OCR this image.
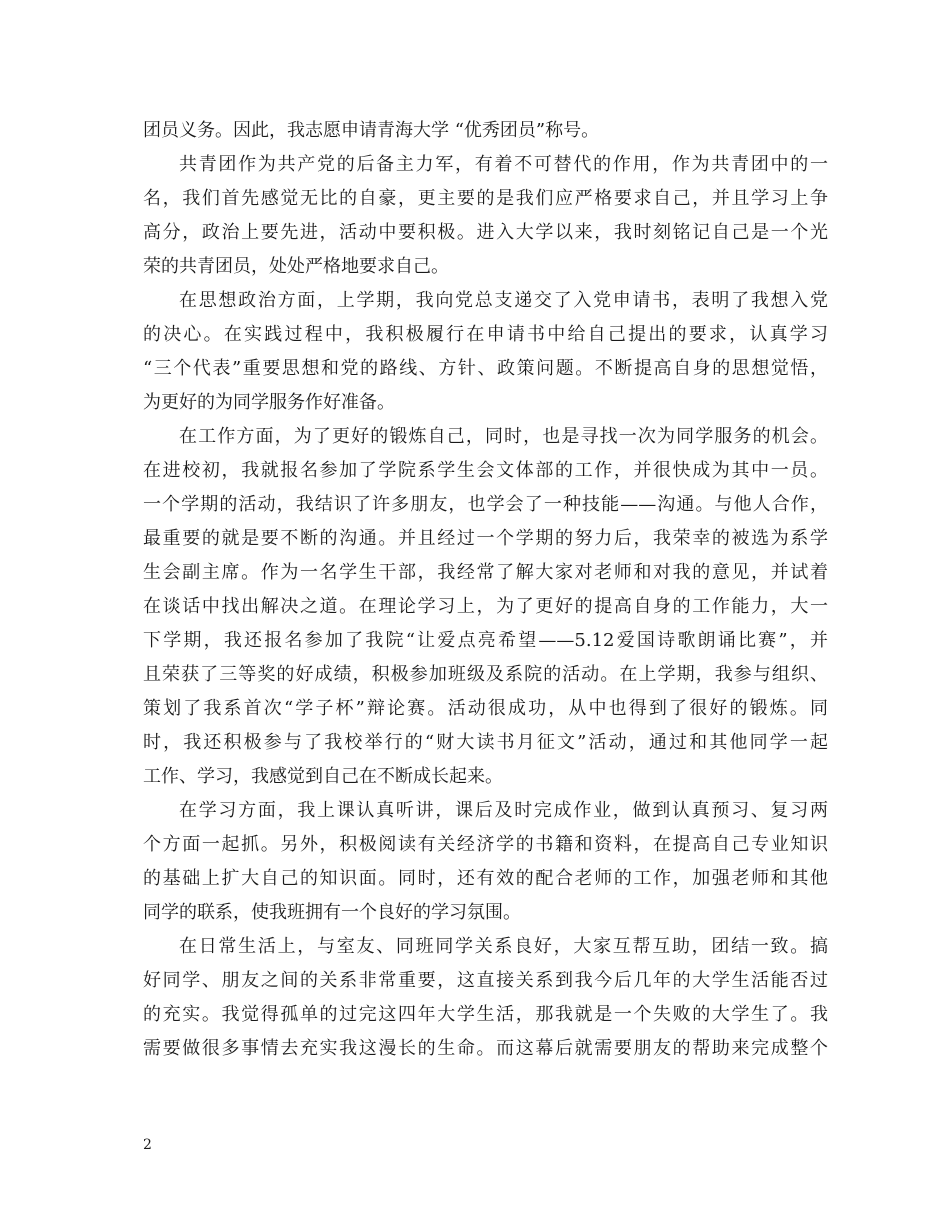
团员义务。因此，我志愿申请青海大学 “优秀团员”称号。
共青团作为共产党的后备主力军，有着不可替代的作用，作为共青团中的一
名，我们首先感觉无比的自豪，更主要的是我们应严格要求自己，并且学习上争
高分，政治上要先进，活动中要积极。进入大学以来，我时刻铭记自己是一个光
荣的共青团员，处处严格地要求自己。
在思想政治方面，上学期，我向党总支递交了入党申请书，表明了我想入党
的决心。在实践过程中，我积极履行在申请书中给自己提出的要求，认真学习
“三个代表”重要思想和党的路线、方针、政策问题。不断提高自身的思想觉悟，
为更好的为同学服务作好准备。
在工作方面，为了更好的锻炼自己，同时，也是寻找一次为同学服务的机会。
在进校初，我就报名参加了学院系学生会文体部的工作，并很快成为其中一员。
一个学期的活动，我结识了许多朋友，也学会了一种技能——沟通。与他人合作，
最重要的就是要不断的沟通。并且经过一个学期的努力后，我荣幸的被选为系学
生会副主席。作为一名学生干部，我经常了解大家对老师和对我的意见，并试着
在谈话中找出解决之道。在理论学习上，为了更好的提高自身的工作能力，大一
下学期，我还报名参加了我院“让爱点亮希望——5.12爱国诗歌朗诵比赛”，并
且荣获了三等奖的好成绩，积极参加班级及系院的活动。在上学期，我参与组织、
策划了我系首次“学子杯”辩论赛。活动很成功，从中也得到了很好的锻炼。同
时，我还积极参与了我校举行的“财大读书月征文”活动，通过和其他同学一起
工作、学习，我感觉到自己在不断成长起来。
在学习方面，我上课认真听讲，课后及时完成作业，做到认真预习、复习两
个方面一起抓。另外，积极阅读有关经济学的书籍和资料，在提高自己专业知识
的基础上扩大自己的知识面。同时，还有效的配合老师的工作，加强老师和其他
同学的联系，使我班拥有一个良好的学习氛围。
在日常生活上，与室友、同班同学关系良好，大家互帮互助，团结一致。搞
好同学、朋友之间的关系非常重要，这直接关系到我今后几年的大学生活能否过
的充实。我觉得孤单的过完这四年大学生活，那我就是一个失败的大学生了。我
需要做很多事情去充实我这漫长的生命。而这幕后就需要朋友的帮助来完成整个
2
